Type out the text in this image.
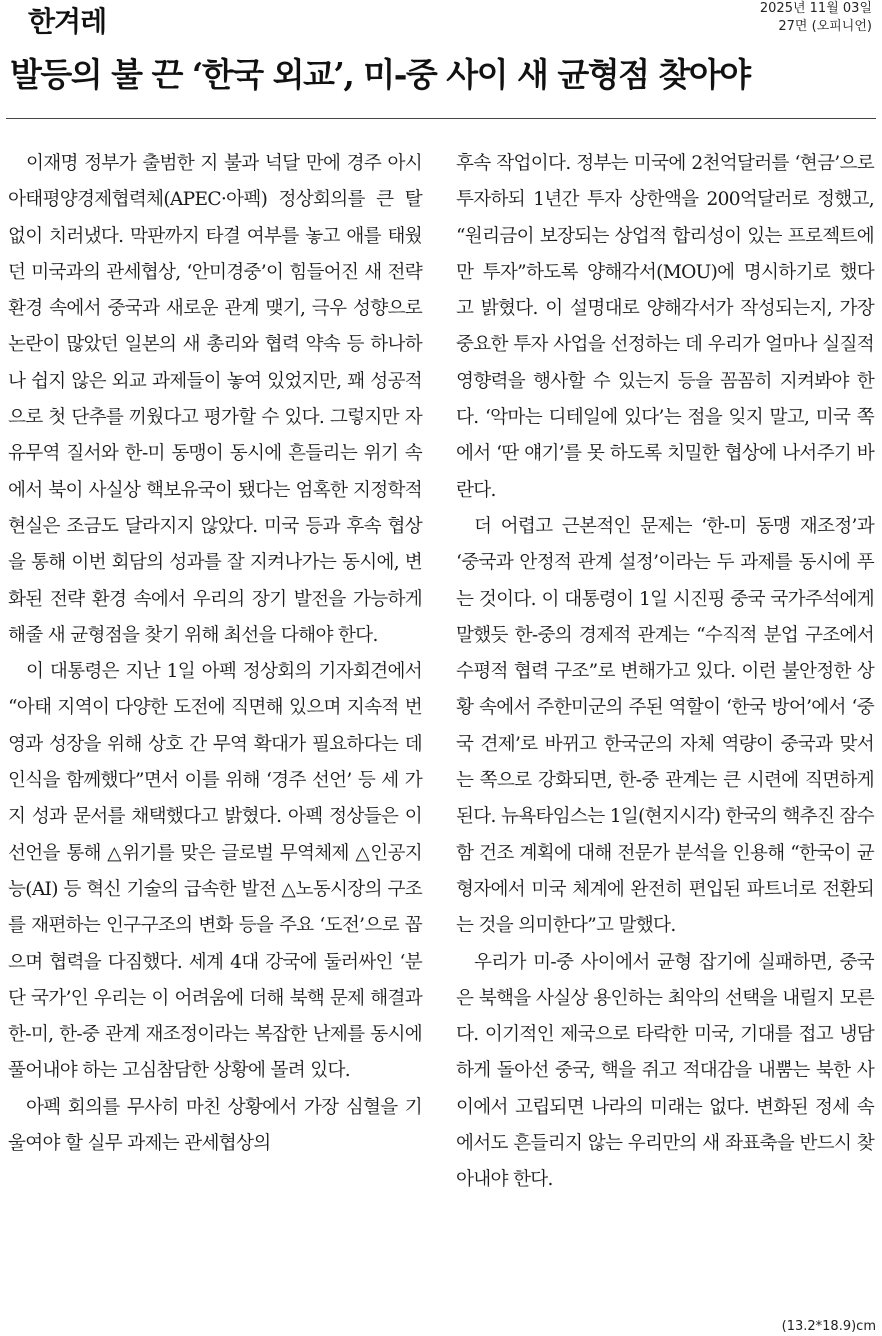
한겨레	2025년 11월 03일
27면 (오피니언)
발등의 불 끈 ‘한국 외교’, 미-중 사이 새 균형점 찾아야

이재명 정부가 출범한 지 불과 넉달 만에 경주 아시아태평양경제협력체(APEC·아펙) 정상회의를 큰 탈 없이 치러냈다. 막판까지 타결 여부를 놓고 애를 태웠던 미국과의 관세협상, ‘안미경중’이 힘들어진 새 전략 환경 속에서 중국과 새로운 관계 맺기, 극우 성향으로 논란이 많았던 일본의 새 총리와 협력 약속 등 하나하나 쉽지 않은 외교 과제들이 놓여 있었지만, 꽤 성공적으로 첫 단추를 끼웠다고 평가할 수 있다. 그렇지만 자유무역 질서와 한-미 동맹이 동시에 흔들리는 위기 속에서 북이 사실상 핵보유국이 됐다는 엄혹한 지정학적 현실은 조금도 달라지지 않았다. 미국 등과 후속 협상을 통해 이번 회담의 성과를 잘 지켜나가는 동시에, 변화된 전략 환경 속에서 우리의 장기 발전을 가능하게 해줄 새 균형점을 찾기 위해 최선을 다해야 한다.

이 대통령은 지난 1일 아펙 정상회의 기자회견에서 “아태 지역이 다양한 도전에 직면해 있으며 지속적 번영과 성장을 위해 상호 간 무역 확대가 필요하다는 데 인식을 함께했다”면서 이를 위해 ‘경주 선언’ 등 세 가지 성과 문서를 채택했다고 밝혔다. 아펙 정상들은 이 선언을 통해 △위기를 맞은 글로벌 무역체제 △인공지능(AI) 등 혁신 기술의 급속한 발전 △노동시장의 구조를 재편하는 인구구조의 변화 등을 주요 ‘도전’으로 꼽으며 협력을 다짐했다. 세계 4대 강국에 둘러싸인 ‘분단 국가’인 우리는 이 어려움에 더해 북핵 문제 해결과 한-미, 한-중 관계 재조정이라는 복잡한 난제를 동시에 풀어내야 하는 고심참담한 상황에 몰려 있다.

아펙 회의를 무사히 마친 상황에서 가장 심혈을 기울여야 할 실무 과제는 관세협상의

후속 작업이다. 정부는 미국에 2천억달러를 ‘현금’으로 투자하되 1년간 투자 상한액을 200억달러로 정했고, “원리금이 보장되는 상업적 합리성이 있는 프로젝트에만 투자”하도록 양해각서(MOU)에 명시하기로 했다고 밝혔다. 이 설명대로 양해각서가 작성되는지, 가장 중요한 투자 사업을 선정하는 데 우리가 얼마나 실질적 영향력을 행사할 수 있는지 등을 꼼꼼히 지켜봐야 한다. ‘악마는 디테일에 있다’는 점을 잊지 말고, 미국 쪽에서 ‘딴 얘기’를 못 하도록 치밀한 협상에 나서주기 바란다.

더 어렵고 근본적인 문제는 ‘한-미 동맹 재조정’과 ‘중국과 안정적 관계 설정’이라는 두 과제를 동시에 푸는 것이다. 이 대통령이 1일 시진핑 중국 국가주석에게 말했듯 한-중의 경제적 관계는 “수직적 분업 구조에서 수평적 협력 구조”로 변해가고 있다. 이런 불안정한 상황 속에서 주한미군의 주된 역할이 ‘한국 방어’에서 ‘중국 견제’로 바뀌고 한국군의 자체 역량이 중국과 맞서는 쪽으로 강화되면, 한-중 관계는 큰 시련에 직면하게 된다. 뉴욕타임스는 1일(현지시각) 한국의 핵추진 잠수함 건조 계획에 대해 전문가 분석을 인용해 “한국이 균형자에서 미국 체계에 완전히 편입된 파트너로 전환되는 것을 의미한다”고 말했다.

우리가 미-중 사이에서 균형 잡기에 실패하면, 중국은 북핵을 사실상 용인하는 최악의 선택을 내릴지 모른다. 이기적인 제국으로 타락한 미국, 기대를 접고 냉담하게 돌아선 중국, 핵을 쥐고 적대감을 내뿜는 북한 사이에서 고립되면 나라의 미래는 없다. 변화된 정세 속에서도 흔들리지 않는 우리만의 새 좌표축을 반드시 찾아내야 한다.

(13.2*18.9)cm
